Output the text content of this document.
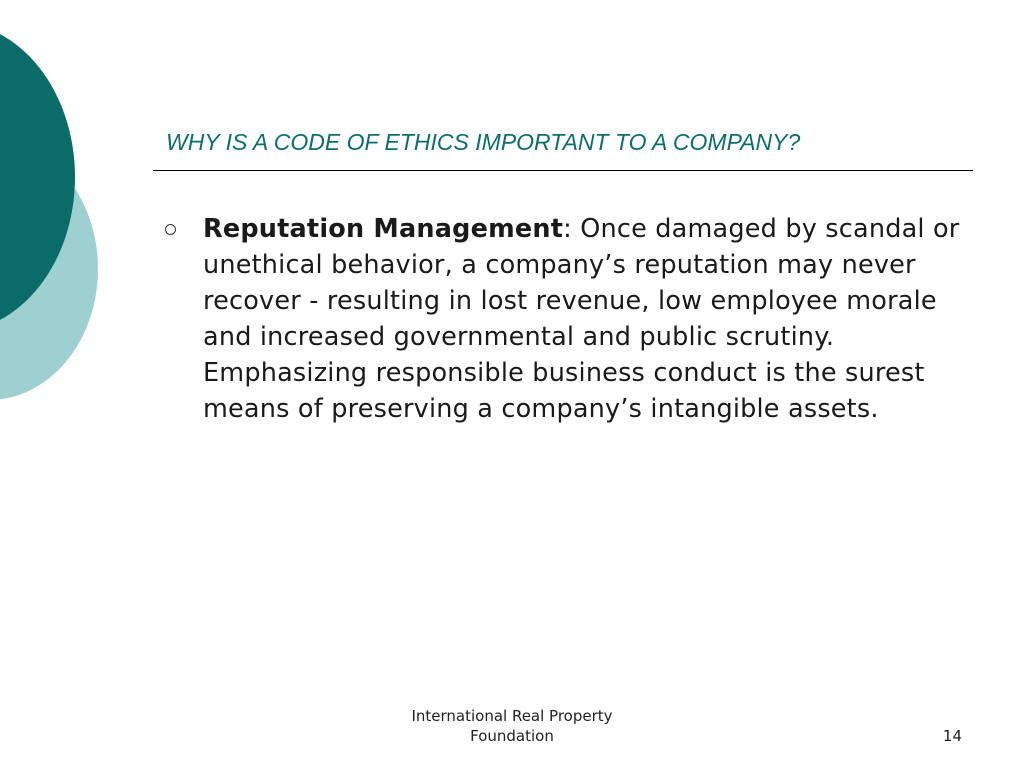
WHY IS A CODE OF ETHICS IMPORTANT TO A COMPANY?
Reputation Management: Once damaged by scandal or unethical behavior, a company’s reputation may never recover - resulting in lost revenue, low employee morale and increased governmental and public scrutiny. Emphasizing responsible business conduct is the surest means of preserving a company’s intangible assets.
International Real Property
Foundation	14
